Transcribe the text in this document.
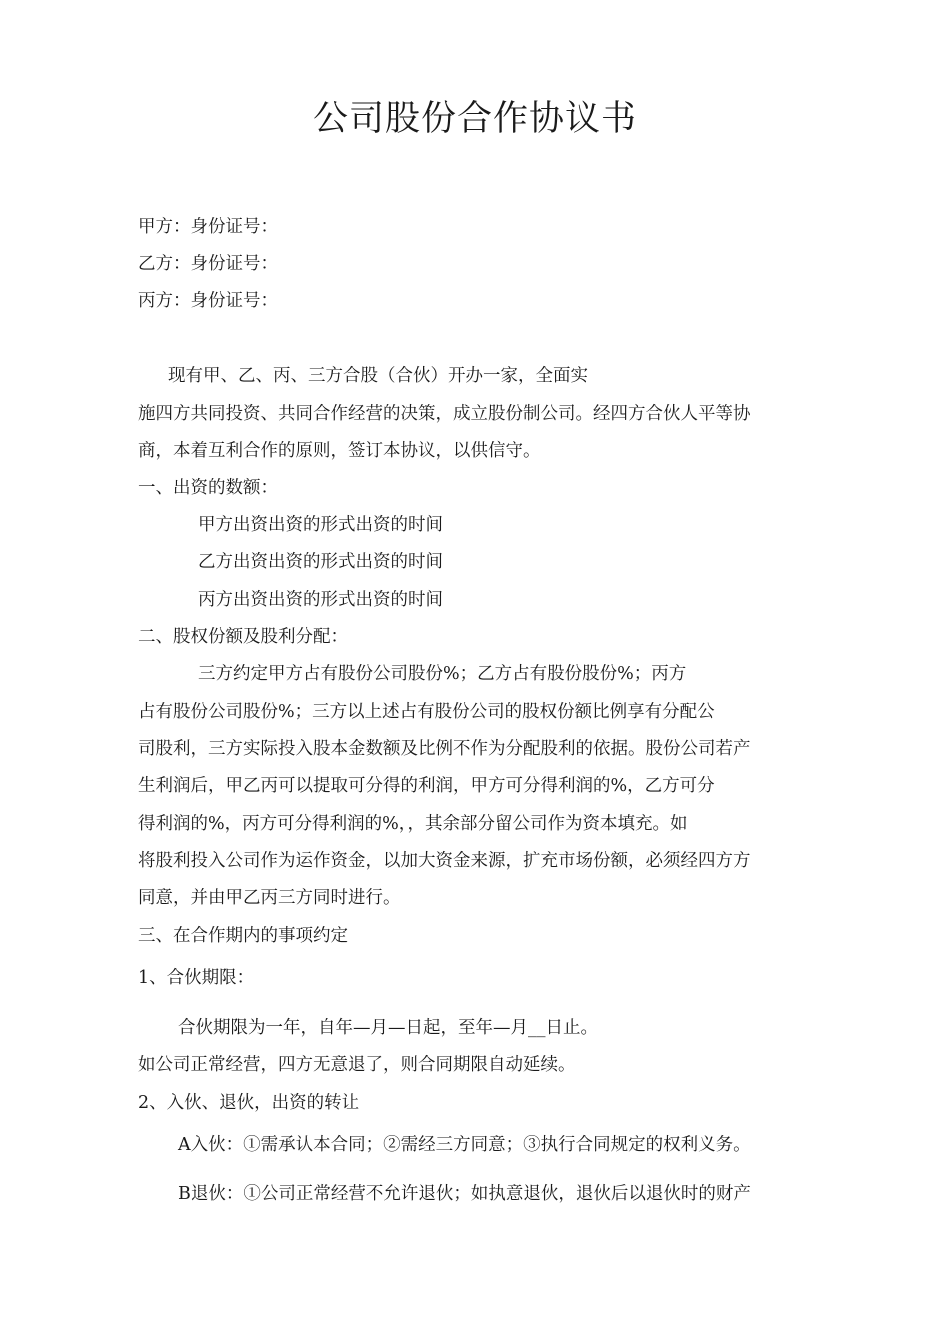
公司股份合作协议书
甲方：身份证号：
乙方：身份证号：
丙方：身份证号：
现有甲、乙、丙、三方合股（合伙）开办一家，全面实
施四方共同投资、共同合作经营的决策，成立股份制公司。经四方合伙人平等协
商，本着互利合作的原则，签订本协议，以供信守。
一、出资的数额：
甲方出资出资的形式出资的时间
乙方出资出资的形式出资的时间
丙方出资出资的形式出资的时间
二、股权份额及股利分配：
三方约定甲方占有股份公司股份%；乙方占有股份股份%；丙方
占有股份公司股份%；三方以上述占有股份公司的股权份额比例享有分配公
司股利，三方实际投入股本金数额及比例不作为分配股利的依据。股份公司若产
生利润后，甲乙丙可以提取可分得的利润，甲方可分得利润的%，乙方可分
得利润的%，丙方可分得利润的%，，其余部分留公司作为资本填充。如
将股利投入公司作为运作资金，以加大资金来源，扩充市场份额，必须经四方方
同意，并由甲乙丙三方同时进行。
三、在合作期内的事项约定
1、合伙期限：
合伙期限为一年，自年—月—日起，至年—月__日止。
如公司正常经营，四方无意退了，则合同期限自动延续。
2、入伙、退伙，出资的转让
A入伙：①需承认本合同；②需经三方同意；③执行合同规定的权利义务。
B退伙：①公司正常经营不允许退伙；如执意退伙，退伙后以退伙时的财产
